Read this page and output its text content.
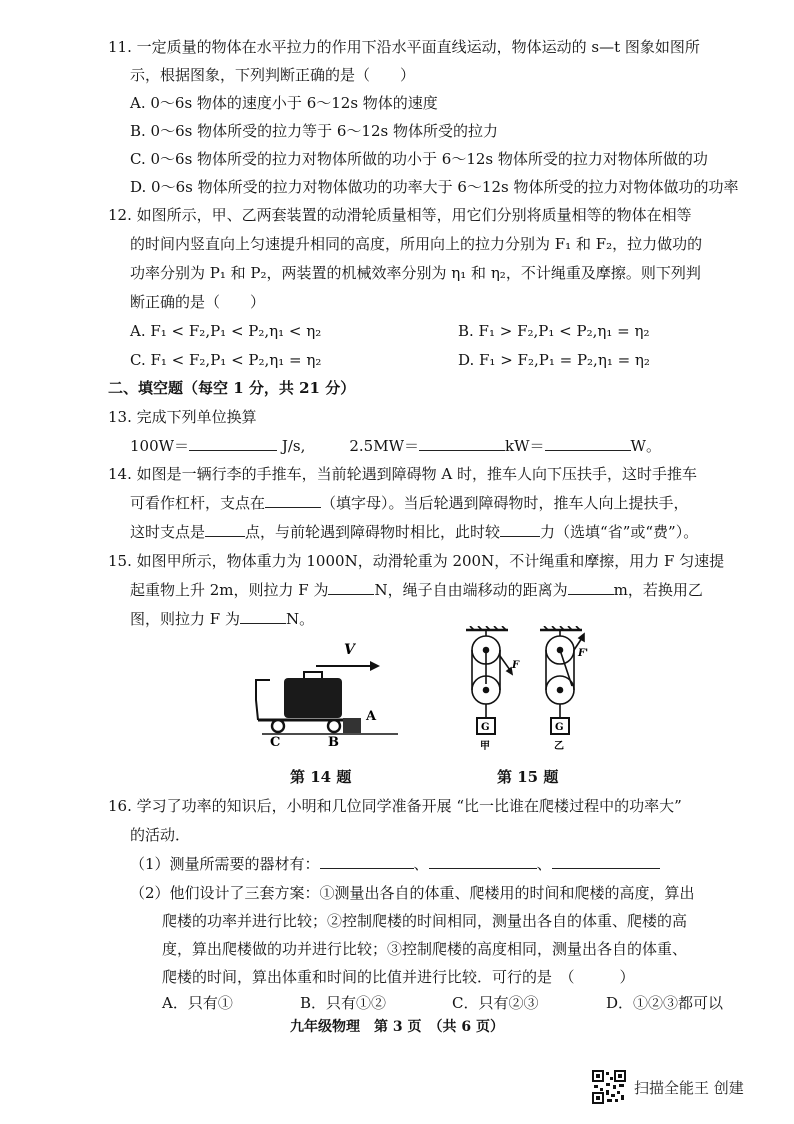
11. 一定质量的物体在水平拉力的作用下沿水平面直线运动，物体运动的 s—t 图象如图所
示，根据图象，下列判断正确的是（　　）
A. 0～6s 物体的速度小于 6～12s 物体的速度
B. 0～6s 物体所受的拉力等于 6～12s 物体所受的拉力
C. 0～6s 物体所受的拉力对物体所做的功小于 6～12s 物体所受的拉力对物体所做的功
D. 0～6s 物体所受的拉力对物体做功的功率大于 6～12s 物体所受的拉力对物体做功的功率
12. 如图所示，甲、乙两套装置的动滑轮质量相等，用它们分别将质量相等的物体在相等
的时间内竖直向上匀速提升相同的高度，所用向上的拉力分别为 F₁ 和 F₂，拉力做功的
功率分别为 P₁ 和 P₂，两装置的机械效率分别为 η₁ 和 η₂，不计绳重及摩擦。则下列判
断正确的是（　　）
A. F₁ < F₂,P₁ < P₂,η₁ < η₂	B. F₁ > F₂,P₁ < P₂,η₁ = η₂
C. F₁ < F₂,P₁ < P₂,η₁ = η₂	D. F₁ > F₂,P₁ = P₂,η₁ = η₂
二、填空题（每空 1 分，共 21 分）
13. 完成下列单位换算
100W＝	J/s,	2.5MW＝	kW＝	W。
14. 如图是一辆行李的手推车，当前轮遇到障碍物 A 时，推车人向下压扶手，这时手推车
可看作杠杆，支点在	（填字母）。当后轮遇到障碍物时，推车人向上提扶手，
这时支点是	点，与前轮遇到障碍物时相比，此时较	力（选填“省”或“费”）。
15. 如图甲所示，物体重力为 1000N，动滑轮重为 200N，不计绳重和摩擦，用力 F 匀速提
起重物上升 2m，则拉力 F 为	N，绳子自由端移动的距离为	m，若换用乙
图，则拉力 F 为	N。
V
A
B
C
第 14 题
F
F'
G	G
甲	乙
第 15 题
16. 学习了功率的知识后，小明和几位同学准备开展 “比一比谁在爬楼过程中的功率大”
的活动．
（1）测量所需要的器材有：	、	、
（2）他们设计了三套方案：①测量出各自的体重、爬楼用的时间和爬楼的高度，算出
爬楼的功率并进行比较；②控制爬楼的时间相同，测量出各自的体重、爬楼的高
度，算出爬楼做的功并进行比较；③控制爬楼的高度相同，测量出各自的体重、
爬楼的时间，算出体重和时间的比值并进行比较．可行的是　（　　　）
A．只有①	B．只有①②	C．只有②③	D．①②③都可以
九年级物理　第 3 页　（共 6 页）
扫描全能王 创建
